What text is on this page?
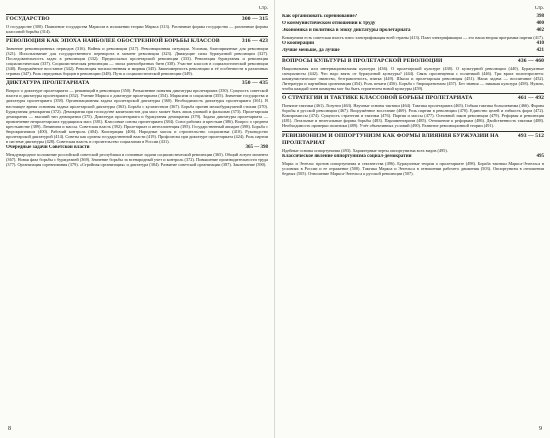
Стр.
ГОСУДАРСТВО	300 — 315
О государстве (300). Появление государства Марксом в изложении теории Маркса (313). Различные формы государства — различные формы классовой борьбы (314).
РЕВОЛЮЦИЯ КАК ЭПОХА НАИБОЛЕЕ ОБОСТРЕННОЙ БОРЬБЫ КЛАССОВ	316 — 423
Значение революционных периодов (316). Войны и революции (317). Революционная ситуация. Условия, благоприятные для революции (321). Использование для государственного переворота в момент революции (323). Движущие силы буржуазной революции (327). Последовательность задач в революции (332). Предпосылки пролетарской революции (333). Революция буржуазная и революция социалистическая (337). Социалистическая революция — эпоха разнообразных битв (338). Участие классов в социалистической революции (340). Вооружённое восстание (342). Революция насильственная и мирная (345). Закономерность революции и её особенности в различных странах (347). Роль передовых борцов в революции (348). Путь к социалистической революции (349).
ДИКТАТУРА ПРОЛЕТАРИАТА	350 — 435
Вопрос о диктатуре пролетариата — решающий в революции (350). Разъяснение понятия диктатуры пролетариата (350). Сущность советской власти и диктатуры пролетариата (352). Учение Маркса о диктатуре пролетариата (354). Марксизм и социализм (355). Значение государства и диктатуры пролетариата (358). Организационная задача пролетарской диктатуры (360). Необходимость диктатуры пролетариата (361). В настоящее время основная задача пролетарской диктатуры (363). Борьба с кулачеством (367). Борьба против мелкобуржуазной стихии (370). Буржуазная демократия (372). Демократия при господстве капиталистов для масс может быть лишь уловкой и фальшью (373). Пролетарская демократия — высший тип демократии (375). Диктатура пролетариата и буржуазная демократия (379). Задача диктатуры пролетариата — привлечение непролетарских трудящихся масс (381). Классовые союзы пролетариата (384). Союз рабочих и крестьян (386). Вопрос о среднем крестьянстве (389). Ленинизм и массы. Советская власть (392). Пролетариат и интеллигенция (395). Государственный аппарат (398). Борьба с бюрократизмом (400). Рабочий контроль (404). Кооперация (406). Народные массы и строительство социализма (410). Руководство пролетарской диктатурой (414). Советы как органы государственной власти (419). Профсоюзы при диктатуре пролетариата (424). Роль партии в системе диктатуры (428). Советская власть и строительство социализма в России (431).
Очередные задачи Советской власти	365 — 398
Международное положение российской советской республики и основные задачи социалистической революции (365). Общий лозунг момента (367). Новая фаза борьбы с буржуазией (369). Значение борьбы за всенародный учет и контроль (372). Повышение производительности труда (377). Организация соревнования (379). «Стройная организация» и диктатура (384). Развитие советской организации (387). Заключение (390).
8
Стр.
Как организовать соревнование?	398
О коммунистическом отношении к труду	400
Экономика и политика в эпоху диктатуры пролетариата	402
Коммунизм есть советская власть плюс электрификация всей страны (413). План электрификации — это наша вторая программа партии (417).
О кооперации	410
Лучше меньше, да лучше	421
ВОПРОСЫ КУЛЬТУРЫ В ПРОЛЕТАРСКОЙ РЕВОЛЮЦИИ	436 — 460
Национальная или интернациональная культура (436). О пролетарской культуре (438). О культурной революции (440). Буржуазные специалисты (442). Что надо взять от буржуазной культуры? (444). Связь просвещения с политикой (446). Три врага политпросвета: коммунистическое чванство, безграмотность, взятка (449). Школа и пролетарская революция (451). Наша задача — воспитание (452). Литература и партийная организация (454). Роль печати (456). Борьба с бюрократизмом (457). Без знания — никакая культура (458). Нужно, чтобы каждый член коммуны мог бы быть строителем новой культуры (459).
О СТРАТЕГИИ И ТАКТИКЕ КЛАССОВОЙ БОРЬБЫ ПРОЛЕТАРИАТА	461 — 492
Понятие тактики (461). Лозунги (463). Научные основы тактики (464). Тактика пролетариата (465). Гибкая тактика большевизма (466). Формы борьбы в русской революции (467). Вооружённое восстание (469). Роль партии в революции (470). Единство целей и гибкость форм (472). Компромиссы (474). Сущность стратегии и тактики (476). Партия и массы (477). Основной закон революции (479). Реформы и революция (481). Легальные и нелегальные формы борьбы (483). Парламентаризм (485). Отношение к реформам (486). Двойственность тактики (488). Необходимость проверки политики (489). Учёт объективных условий (490). Развитие революционной теории (491).
РЕВИЗИОНИЗМ И ОППОРТУНИЗМ КАК ФОРМЫ ВЛИЯНИЯ БУРЖУАЗИИ НА ПРОЛЕТАРИАТ
493 — 512
Идейные основы оппортунизма (493). Характерные черты оппортунизма всех видов (495).
Классическое явление оппортунизма социал-демократии	495
Маркс и Энгельс против оппортунизма и сектантства (496). Буржуазные теории о пролетариате (498). Борьба тактики Маркса-Энгельса в условиях в России и ее отражение (500). Тактика Маркса и Энгельса в отношении рабочего движения (503). Оппортунизм в отношении бедных (505). Отношение Маркса-Энгельса к русской революции (507).
9
